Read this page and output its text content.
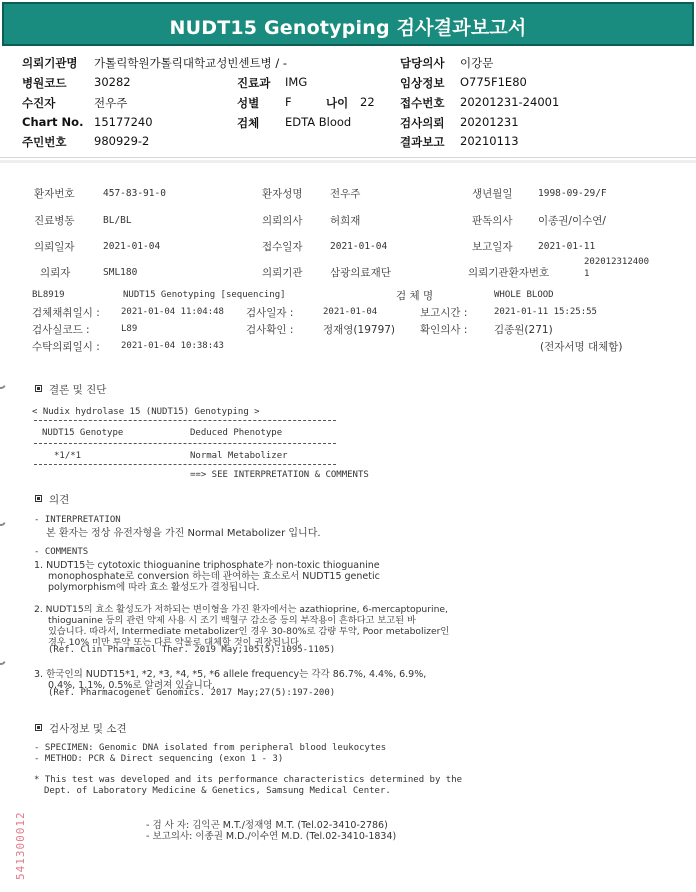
NUDT15 Genotyping 검사결과보고서
의뢰기관명 가톨릭학원가톨릭대학교성빈센트병 / -	담당의사 이강문
병원코드 30282	진료과 IMG	임상정보 O775F1E80
수진자	전우주	성별 F	나이 22 접수번호 20201231-24001
Chart No. 15177240	검체 EDTA Blood	검사의뢰 20201231
주민번호 980929-2	결과보고 20210113
환자번호	457-83-91-0	환자성명	전우주	생년월일	1998-09-29/F
진료병동	BL/BL	의뢰의사	허희재	판독의사 이종권/이수연/
의뢰일자	2021-01-04	접수일자	2021-01-04	보고일자	2021-01-11
의뢰자	SML180	의뢰기관	삼광의료재단	의뢰기관환자번호
202012312400
1
BL8919	NUDT15 Genotyping [sequencing]	검 체 명	WHOLE BLOOD
검체채취일시 : 2021-01-04 11:04:48 검사일자 :	2021-01-04	보고시간 :	2021-01-11 15:25:55
검사실코드 :	L89	검사확인 :	정재영(19797) 확인의사 :	김종원(271)
수탁의뢰일시 : 2021-01-04 10:38:43	(전자서명 대체함)
결론 및 진단
< Nudix hydrolase 15 (NUDT15) Genotyping >
NUDT15 Genotype	Deduced Phenotype
*1/*1	Normal Metabolizer
==> SEE INTERPRETATION & COMMENTS
의견
- INTERPRETATION
본 환자는 정상 유전자형을 가진 Normal Metabolizer 입니다.
- COMMENTS
1. NUDT15는 cytotoxic thioguanine triphosphate가 non-toxic thioguanine
monophosphate로 conversion 하는데 관여하는 효소로서 NUDT15 genetic
polymorphism에 따라 효소 활성도가 결정됩니다.
2. NUDT15의 효소 활성도가 저하되는 변이형을 가진 환자에서는 azathioprine, 6-mercaptopurine,
thioguanine 등의 관련 약제 사용 시 조기 백혈구 감소증 등의 부작용이 흔하다고 보고된 바
있습니다. 따라서, Intermediate metabolizer인 경우 30-80%로 감량 투약, Poor metabolizer인
경우 10% 미만 투약 또는 다른 약물로 대체할 것이 권장됩니다.
(Ref. Clin Pharmacol Ther. 2019 May;105(5):1095-1105)
3. 한국인의 NUDT15*1, *2, *3, *4, *5, *6 allele frequency는 각각 86.7%, 4.4%, 6.9%,
0.4%, 1.1%, 0.5%로 알려져 있습니다.
(Ref. Pharmacogenet Genomics. 2017 May;27(5):197-200)
검사정보 및 소견
- SPECIMEN: Genomic DNA isolated from peripheral blood leukocytes
- METHOD: PCR & Direct sequencing (exon 1 - 3)
* This test was developed and its performance characteristics determined by the
Dept. of Laboratory Medicine & Genetics, Samsung Medical Center.
- 검 사 자: 김익곤 M.T./정재영 M.T. (Tel.02-3410-2786)
- 보고의사: 이종권 M.D./이수연 M.D. (Tel.02-3410-1834)
541300012
